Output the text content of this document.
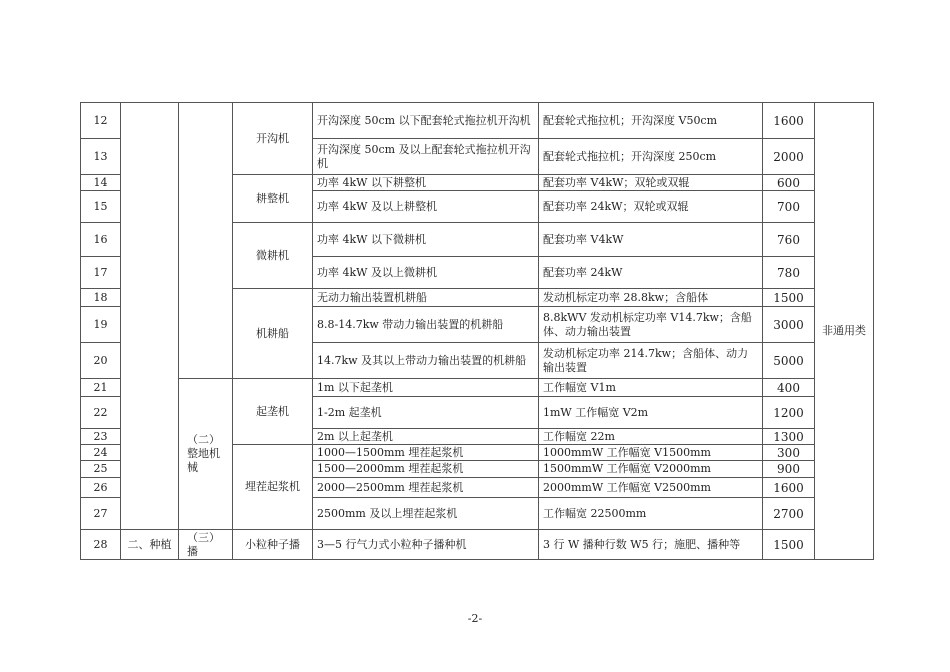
12			开沟机	开沟深度 50cm 以下配套轮式拖拉机开沟机	配套轮式拖拉机；开沟深度 V50cm	1600	非通用类
13				开沟深度 50cm 及以上配套轮式拖拉机开沟机	配套轮式拖拉机；开沟深度 250cm	2000	
14			耕整机	功率 4kW 以下耕整机	配套功率 V4kW；双轮或双辊	600	
15				功率 4kW 及以上耕整机	配套功率 24kW；双轮或双辊	700	
16			微耕机	功率 4kW 以下微耕机	配套功率 V4kW	760	
17				功率 4kW 及以上微耕机	配套功率 24kW	780	
18			机耕船	无动力输出装置机耕船	发动机标定功率 28.8kw；含船体	1500	
19				8.8-14.7kw 带动力输出装置的机耕船	8.8kWV 发动机标定功率 V14.7kw；含船体、动力输出装置	3000	
20				14.7kw 及其以上带动力输出装置的机耕船	发动机标定功率 214.7kw；含船体、动力输出装置	5000	
21		（二）整地机械	起垄机	1m 以下起垄机	工作幅宽 V1m	400	
22				1-2m 起垄机	1mW 工作幅宽 V2m	1200	
23				2m 以上起垄机	工作幅宽 22m	1300	
24			埋茬起浆机	1000—1500mm 埋茬起浆机	1000mmW 工作幅宽 V1500mm	300	
25				1500—2000mm 埋茬起浆机	1500mmW 工作幅宽 V2000mm	900	
26				2000—2500mm 埋茬起浆机	2000mmW 工作幅宽 V2500mm	1600	
27				2500mm 及以上埋茬起浆机	工作幅宽 22500mm	2700	
28	二、种植	（三）播	小粒种子播	3—5 行气力式小粒种子播种机	3 行 W 播种行数 W5 行；施肥、播种等	1500	
-2-
